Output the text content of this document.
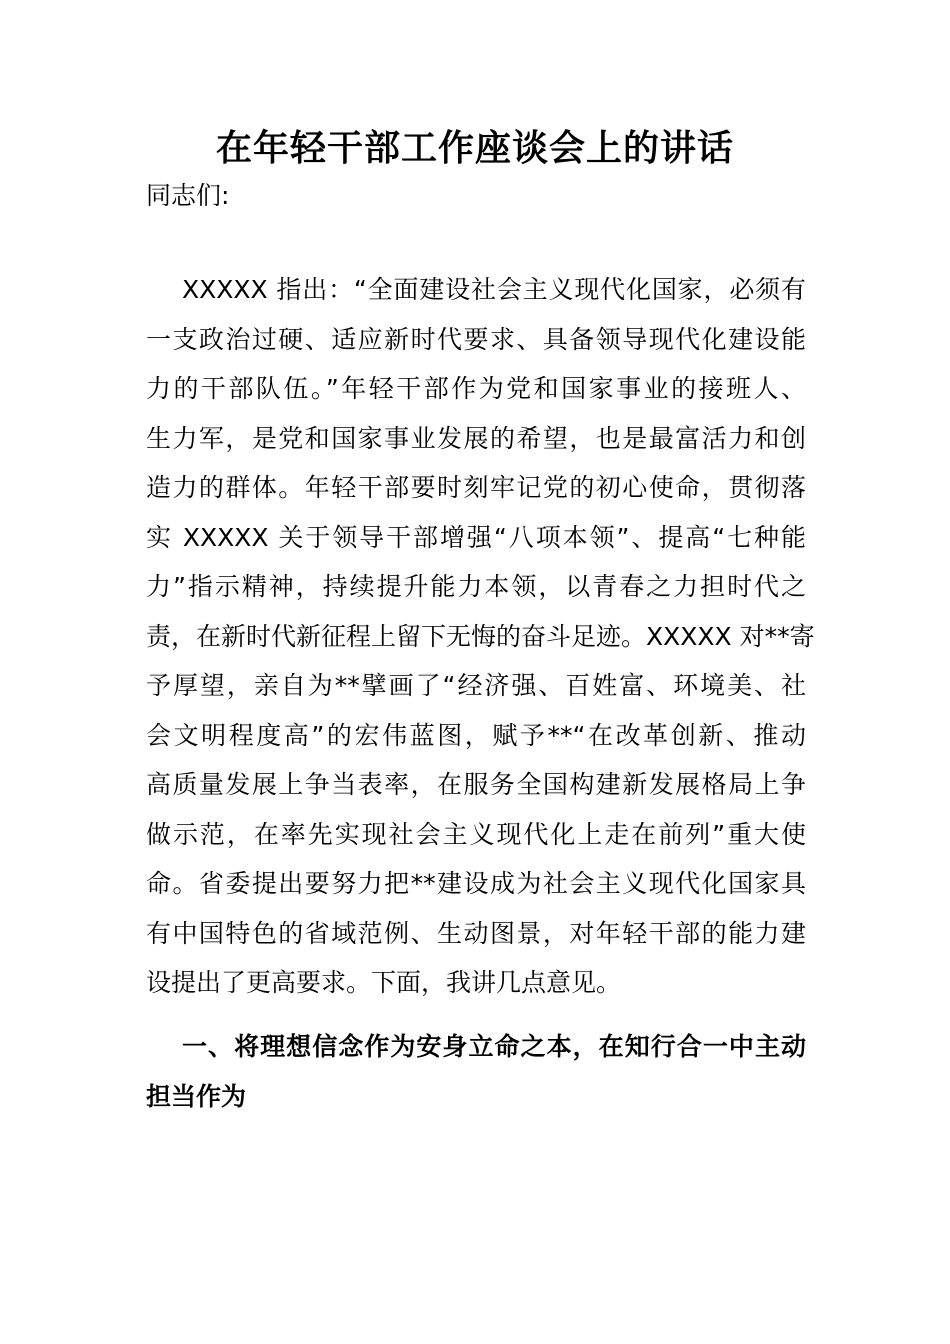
在年轻干部工作座谈会上的讲话

同志们:

XXXXX 指出：“全面建设社会主义现代化国家，必须有
一支政治过硬、适应新时代要求、具备领导现代化建设能
力的干部队伍。”年轻干部作为党和国家事业的接班人、
生力军，是党和国家事业发展的希望，也是最富活力和创
造力的群体。年轻干部要时刻牢记党的初心使命，贯彻落
实 XXXXX 关于领导干部增强“八项本领”、提高“七种能
力”指示精神，持续提升能力本领，以青春之力担时代之
责，在新时代新征程上留下无悔的奋斗足迹。XXXXX 对**寄
予厚望，亲自为**擘画了“经济强、百姓富、环境美、社
会文明程度高”的宏伟蓝图，赋予**“在改革创新、推动
高质量发展上争当表率，在服务全国构建新发展格局上争
做示范，在率先实现社会主义现代化上走在前列”重大使
命。省委提出要努力把**建设成为社会主义现代化国家具
有中国特色的省域范例、生动图景，对年轻干部的能力建
设提出了更高要求。下面，我讲几点意见。

一、将理想信念作为安身立命之本，在知行合一中主动
担当作为
